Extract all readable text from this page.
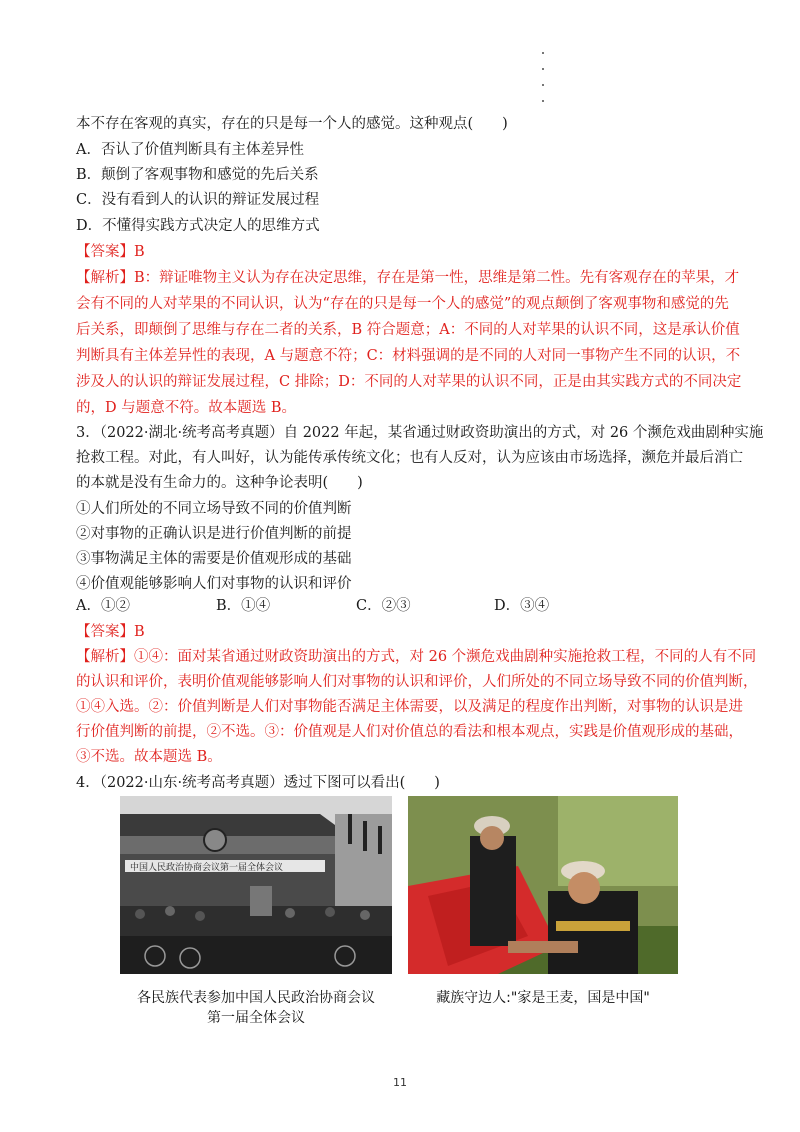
本不存在客观的真实，存在的只是每一个人的感觉。这种观点(　　)
A．否认了价值判断具有主体差异性
B．颠倒了客观事物和感觉的先后关系
C．没有看到人的认识的辩证发展过程
D．不懂得实践方式决定人的思维方式
【答案】B
【解析】B：辩证唯物主义认为存在决定思维，存在是第一性，思维是第二性。先有客观存在的苹果，才
会有不同的人对苹果的不同认识，认为“存在的只是每一个人的感觉”的观点颠倒了客观事物和感觉的先
后关系，即颠倒了思维与存在二者的关系，B 符合题意；A：不同的人对苹果的认识不同，这是承认价值
判断具有主体差异性的表现，A 与题意不符；C：材料强调的是不同的人对同一事物产生不同的认识，不
涉及人的认识的辩证发展过程，C 排除；D：不同的人对苹果的认识不同，正是由其实践方式的不同决定
的，D 与题意不符。故本题选 B。
3．（2022·湖北·统考高考真题）自 2022 年起，某省通过财政资助演出的方式，对 26 个濒危戏曲剧种实施
抢救工程。对此，有人叫好，认为能传承传统文化；也有人反对，认为应该由市场选择，濒危并最后消亡
的本就是没有生命力的。这种争论表明(　　)
①人们所处的不同立场导致不同的价值判断
②对事物的正确认识是进行价值判断的前提
③事物满足主体的需要是价值观形成的基础
④价值观能够影响人们对事物的认识和评价
A．①②	B．①④	C．②③	D．③④
【答案】B
【解析】①④：面对某省通过财政资助演出的方式，对 26 个濒危戏曲剧种实施抢救工程，不同的人有不同
的认识和评价，表明价值观能够影响人们对事物的认识和评价，人们所处的不同立场导致不同的价值判断，
①④入选。②：价值判断是人们对事物能否满足主体需要，以及满足的程度作出判断，对事物的认识是进
行价值判断的前提，②不选。③：价值观是人们对价值总的看法和根本观点，实践是价值观形成的基础，
③不选。故本题选 B。
4．（2022·山东·统考高考真题）透过下图可以看出(　　)
中国人民政治协商会议第一届全体会议
各民族代表参加中国人民政治协商会议
第一届全体会议
藏族守边人:"家是王麦，国是中国"
11
